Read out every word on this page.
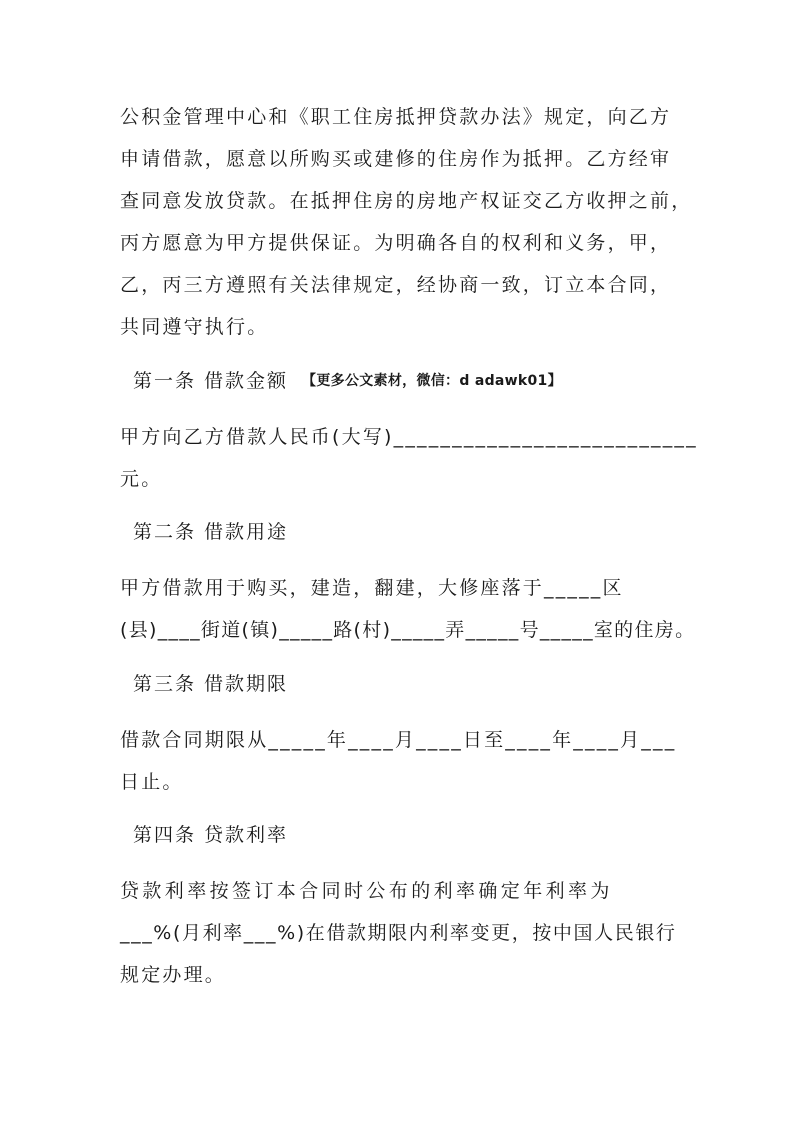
公积金管理中心和《职工住房抵押贷款办法》规定，向乙方
申请借款，愿意以所购买或建修的住房作为抵押。乙方经审
查同意发放贷款。在抵押住房的房地产权证交乙方收押之前，
丙方愿意为甲方提供保证。为明确各自的权利和义务，甲，
乙，丙三方遵照有关法律规定，经协商一致，订立本合同，
共同遵守执行。
第一条 借款金额 【更多公文素材，微信：d adawk01】
甲方向乙方借款人民币(大写)__________________________
元。
第二条 借款用途
甲方借款用于购买，建造，翻建，大修座落于_____区
(县)____街道(镇)_____路(村)_____弄_____号_____室的住房。
第三条 借款期限
借款合同期限从_____年____月____日至____年____月___
日止。
第四条 贷款利率
贷款利率按签订本合同时公布的利率确定年利率为
___%(月利率___%)在借款期限内利率变更，按中国人民银行
规定办理。
